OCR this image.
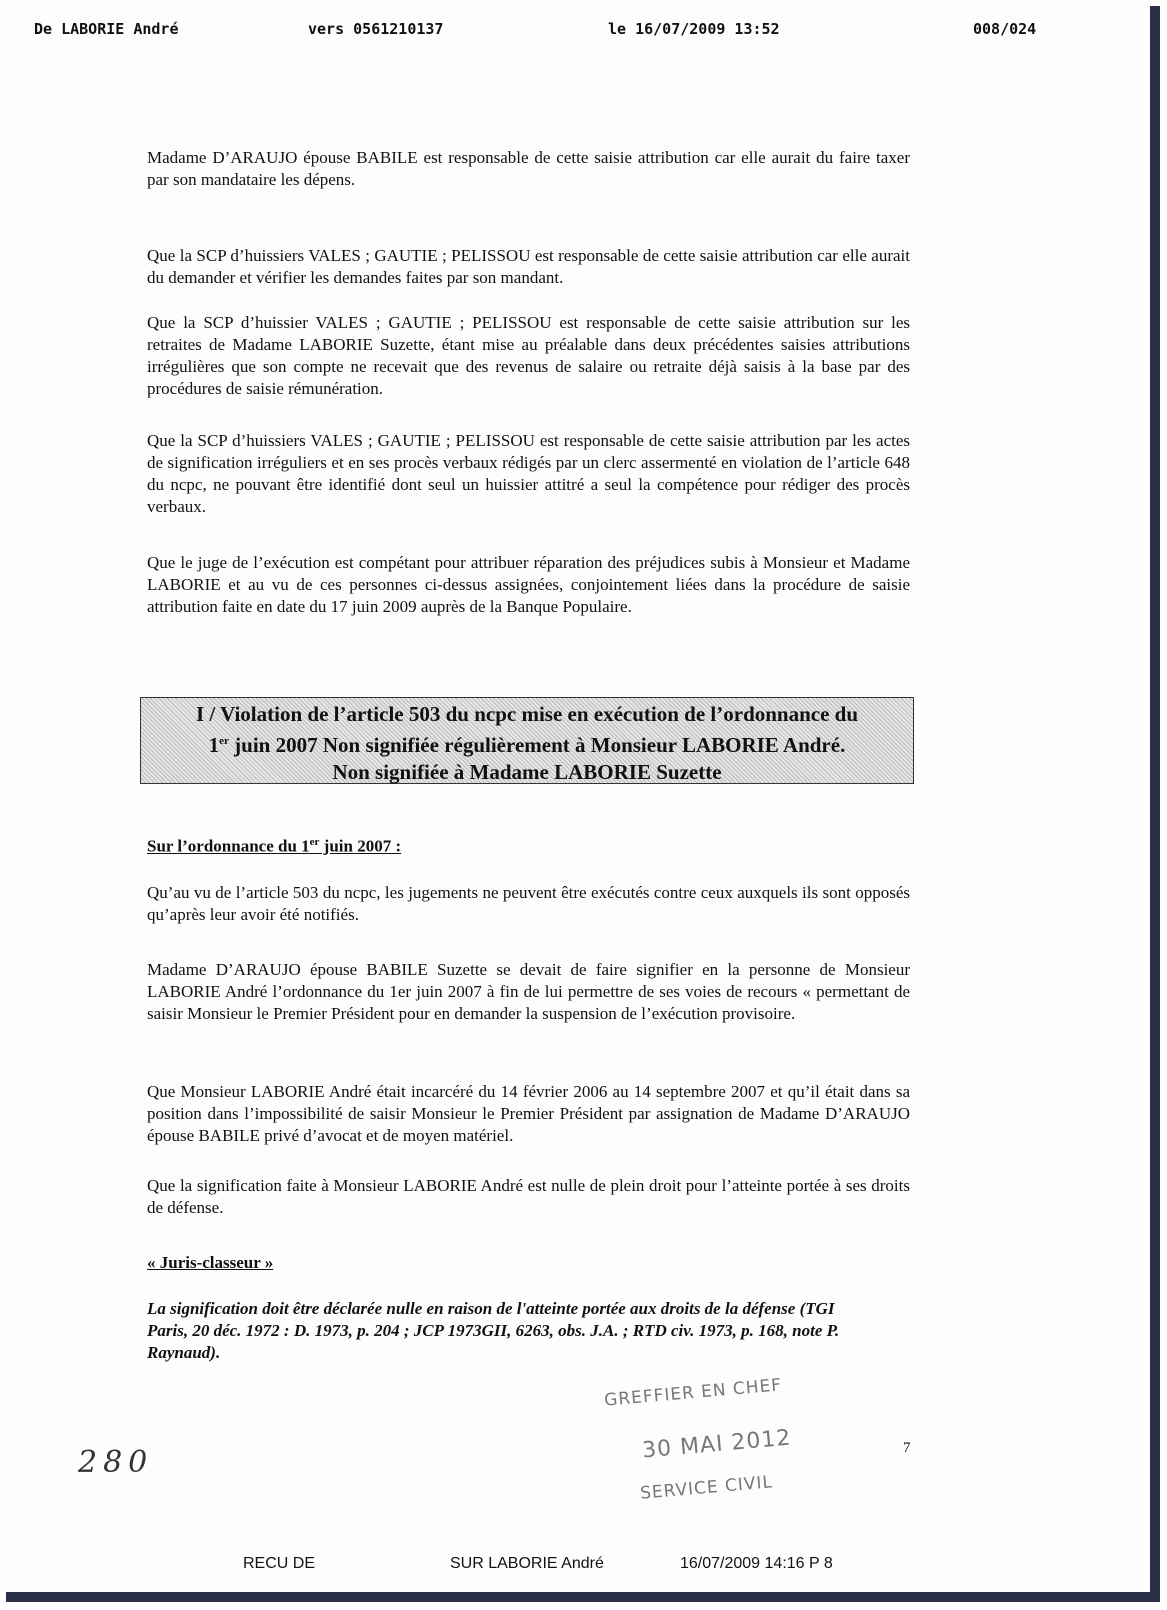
De LABORIE André	vers 0561210137	le 16/07/2009 13:52	008/024

Madame D’ARAUJO épouse BABILE est responsable de cette saisie attribution car elle aurait du faire taxer par son mandataire les dépens.

Que la SCP d’huissiers VALES ; GAUTIE ; PELISSOU est responsable de cette saisie attribution car elle aurait du demander et vérifier les demandes faites par son mandant.

Que la SCP d’huissier VALES ; GAUTIE ; PELISSOU est responsable de cette saisie attribution sur les retraites de Madame LABORIE Suzette, étant mise au préalable dans deux précédentes saisies attributions irrégulières que son compte ne recevait que des revenus de salaire ou retraite déjà saisis à la base par des procédures de saisie rémunération.

Que la SCP d’huissiers VALES ; GAUTIE ; PELISSOU est responsable de cette saisie attribution par les actes de signification irréguliers et en ses procès verbaux rédigés par un clerc assermenté en violation de l’article 648 du ncpc, ne pouvant être identifié dont seul un huissier attitré a seul la compétence pour rédiger des procès verbaux.

Que le juge de l’exécution est compétant pour attribuer réparation des préjudices subis à Monsieur et Madame LABORIE et au vu de ces personnes ci-dessus assignées, conjointement liées dans la procédure de saisie attribution faite en date du 17 juin 2009 auprès de la Banque Populaire.

I / Violation de l’article 503 du ncpc mise en exécution de l’ordonnance du
1er juin 2007 Non signifiée régulièrement à Monsieur LABORIE André.
Non signifiée à Madame LABORIE Suzette
Sur l’ordonnance du 1er juin 2007 :

Qu’au vu de l’article 503 du ncpc, les jugements ne peuvent être exécutés contre ceux auxquels ils sont opposés qu’après leur avoir été notifiés.

Madame D’ARAUJO épouse BABILE Suzette se devait de faire signifier en la personne de Monsieur LABORIE André l’ordonnance du 1er juin 2007 à fin de lui permettre de ses voies de recours « permettant de saisir Monsieur le Premier Président pour en demander la suspension de l’exécution provisoire.

Que Monsieur LABORIE André était incarcéré du 14 février 2006 au 14 septembre 2007 et qu’il était dans sa position dans l’impossibilité de saisir Monsieur le Premier Président par assignation de Madame D’ARAUJO épouse BABILE privé d’avocat et de moyen matériel.

Que la signification faite à Monsieur LABORIE André est nulle de plein droit pour l’atteinte portée à ses droits de défense.

« Juris-classeur »

La signification doit être déclarée nulle en raison de l'atteinte portée aux droits de la défense (TGI Paris, 20 déc. 1972 : D. 1973, p. 204 ; JCP 1973GII, 6263, obs. J.A. ; RTD civ. 1973, p. 168, note P. Raynaud).

GREFFIER EN CHEF
30 MAI 2012
SERVICE CIVIL
280	7
RECU DE	SUR LABORIE André	16/07/2009 14:16 P 8
